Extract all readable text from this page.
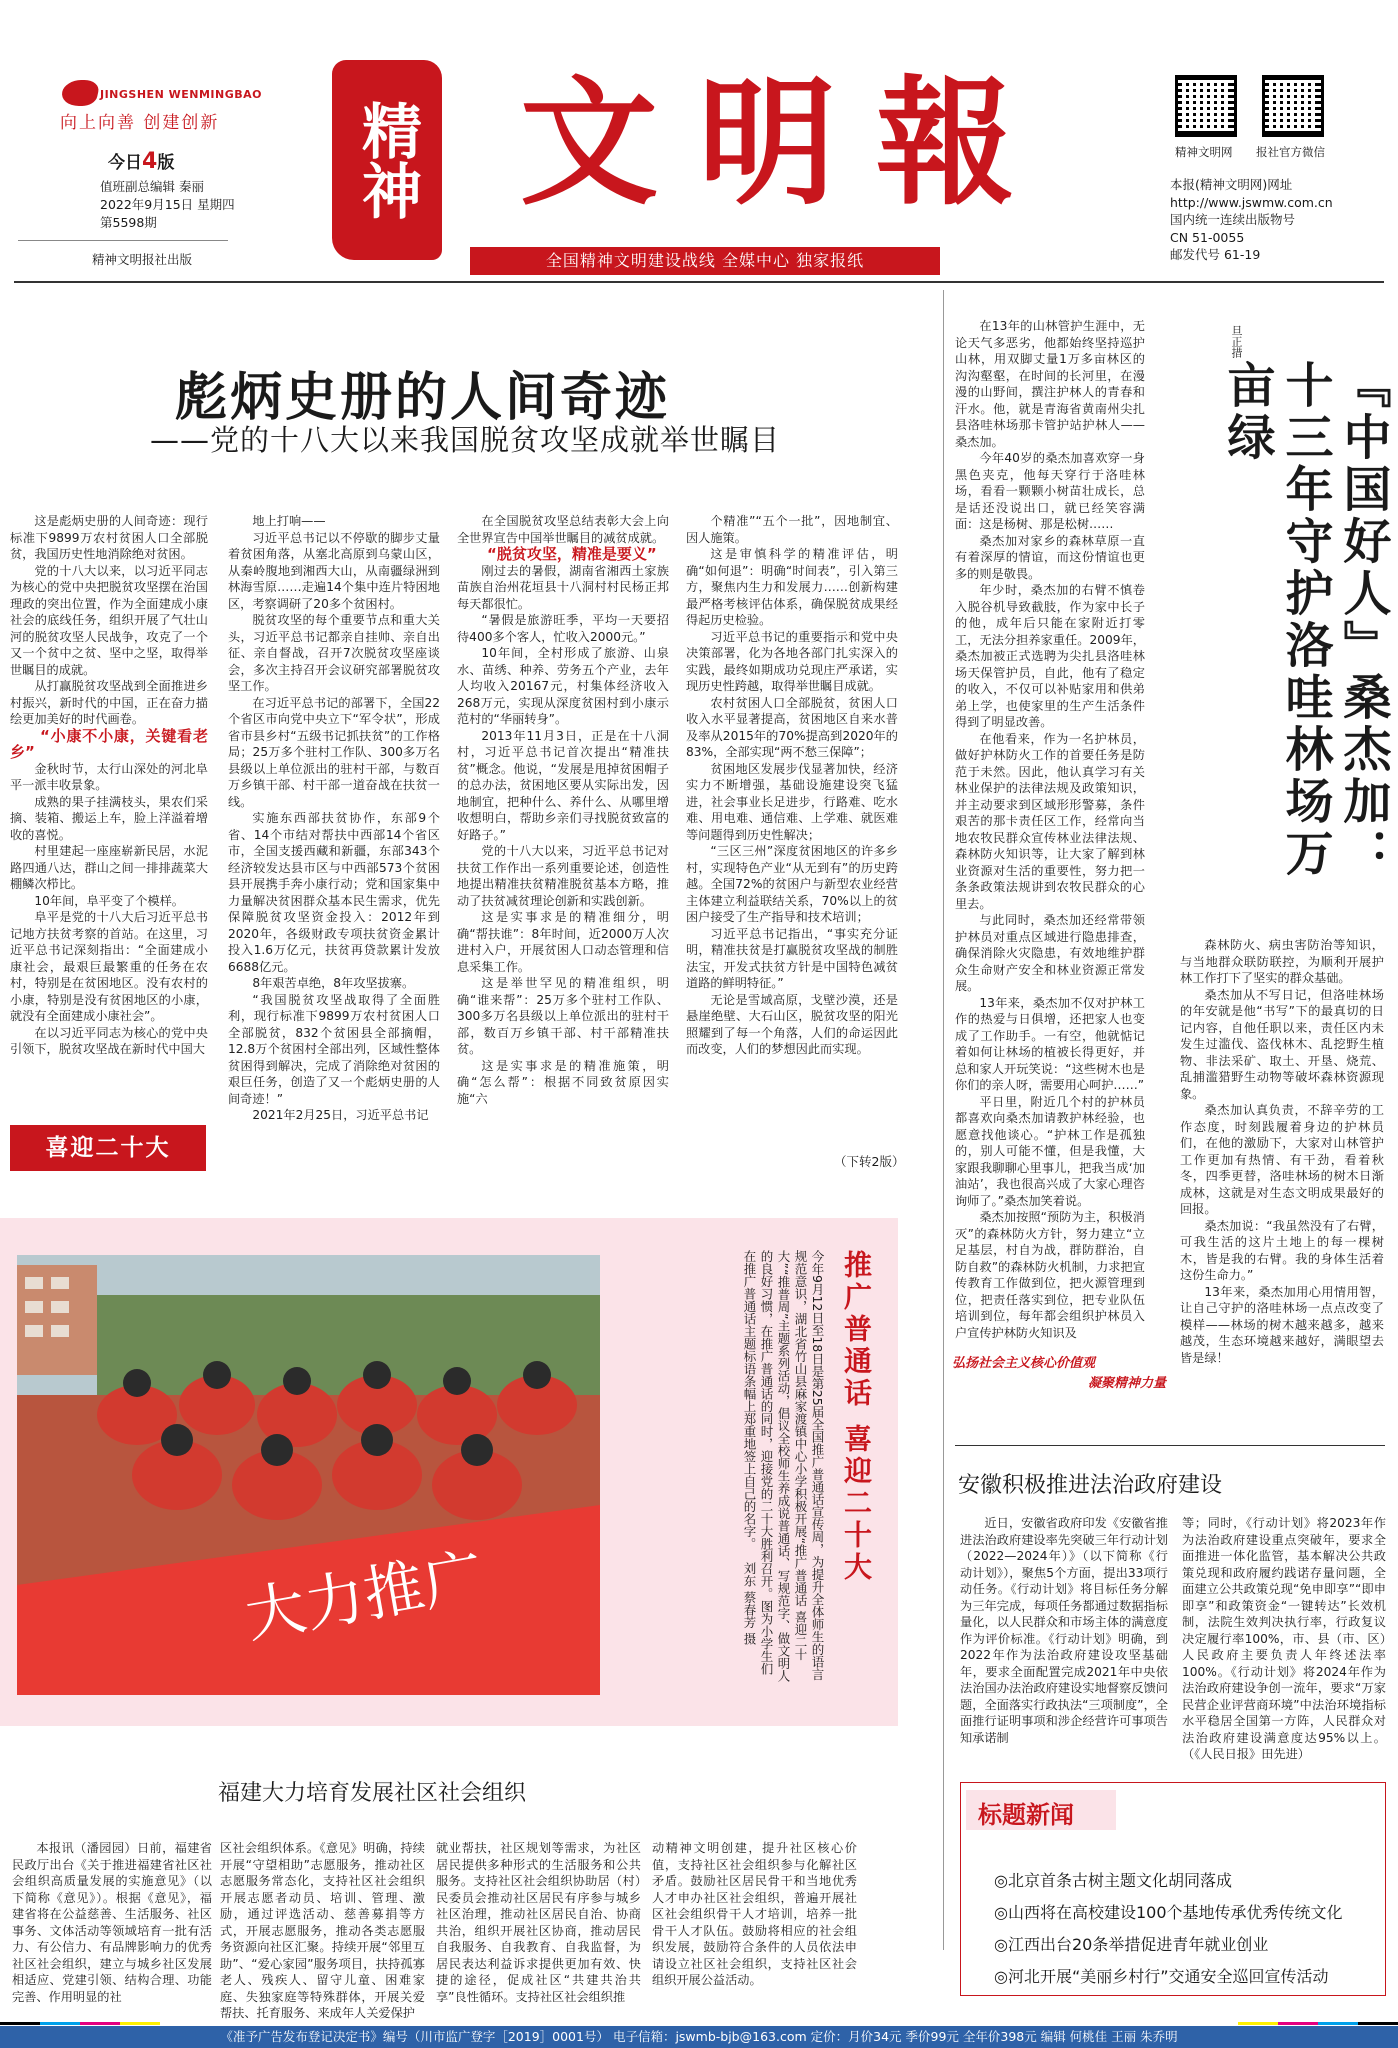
JINGSHEN WENMINGBAO
向上向善 创建创新
今日4版
值班副总编辑 秦丽
2022年9月15日 星期四
第5598期
精神文明报社出版
精神 文明報
全国精神文明建设战线 全媒中心 独家报纸
精神文明网 报社官方微信
本报(精神文明网)网址
http://www.jswmw.com.cn
国内统一连续出版物号
CN 51-0055
邮发代号 61-19
彪炳史册的人间奇迹
——党的十八大以来我国脱贫攻坚成就举世瞩目

这是彪炳史册的人间奇迹：现行标准下9899万农村贫困人口全部脱贫，我国历史性地消除绝对贫困。

党的十八大以来，以习近平同志为核心的党中央把脱贫攻坚摆在治国理政的突出位置，作为全面建成小康社会的底线任务，组织开展了气壮山河的脱贫攻坚人民战争，攻克了一个又一个贫中之贫、坚中之坚，取得举世瞩目的成就。

从打赢脱贫攻坚战到全面推进乡村振兴，新时代的中国，正在奋力描绘更加美好的时代画卷。

“小康不小康，关键看老乡”

金秋时节，太行山深处的河北阜平一派丰收景象。

成熟的果子挂满枝头，果农们采摘、装箱、搬运上车，脸上洋溢着增收的喜悦。

村里建起一座座崭新民居，水泥路四通八达，群山之间一排排蔬菜大棚鳞次栉比。

10年间，阜平变了个模样。

阜平是党的十八大后习近平总书记地方扶贫考察的首站。在这里，习近平总书记深刻指出：“全面建成小康社会，最艰巨最繁重的任务在农村，特别是在贫困地区。没有农村的小康，特别是没有贫困地区的小康，就没有全面建成小康社会”。

在以习近平同志为核心的党中央引领下，脱贫攻坚战在新时代中国大

喜迎二十大

地上打响——

习近平总书记以不停歇的脚步丈量着贫困角落，从塞北高原到乌蒙山区，从秦岭腹地到湘西大山，从南疆绿洲到林海雪原……走遍14个集中连片特困地区，考察调研了20多个贫困村。

脱贫攻坚的每个重要节点和重大关头，习近平总书记都亲自挂帅、亲自出征、亲自督战，召开7次脱贫攻坚座谈会，多次主持召开会议研究部署脱贫攻坚工作。

在习近平总书记的部署下，全国22个省区市向党中央立下“军令状”，形成省市县乡村“五级书记抓扶贫”的工作格局；25万多个驻村工作队、300多万名县级以上单位派出的驻村干部，与数百万乡镇干部、村干部一道奋战在扶贫一线。

实施东西部扶贫协作，东部9个省、14个市结对帮扶中西部14个省区市，全国支援西藏和新疆，东部343个经济较发达县市区与中西部573个贫困县开展携手奔小康行动；党和国家集中力量解决贫困群众基本民生需求，优先保障脱贫攻坚资金投入：2012年到2020年，各级财政专项扶贫资金累计投入1.6万亿元，扶贫再贷款累计发放6688亿元。

8年艰苦卓绝，8年攻坚拔寨。

“我国脱贫攻坚战取得了全面胜利，现行标准下9899万农村贫困人口全部脱贫，832个贫困县全部摘帽，12.8万个贫困村全部出列，区域性整体贫困得到解决，完成了消除绝对贫困的艰巨任务，创造了又一个彪炳史册的人间奇迹！”

2021年2月25日，习近平总书记

在全国脱贫攻坚总结表彰大会上向全世界宣告中国举世瞩目的减贫成就。

“脱贫攻坚，精准是要义”

刚过去的暑假，湖南省湘西土家族苗族自治州花垣县十八洞村村民杨正邦每天都很忙。

“暑假是旅游旺季，平均一天要招待400多个客人，忙收入2000元。”

10年间，全村形成了旅游、山泉水、苗绣、种养、劳务五个产业，去年人均收入20167元，村集体经济收入268万元，实现从深度贫困村到小康示范村的“华丽转身”。

2013年11月3日，正是在十八洞村，习近平总书记首次提出“精准扶贫”概念。他说，“发展是甩掉贫困帽子的总办法，贫困地区要从实际出发，因地制宜，把种什么、养什么、从哪里增收想明白，帮助乡亲们寻找脱贫致富的好路子。”

党的十八大以来，习近平总书记对扶贫工作作出一系列重要论述，创造性地提出精准扶贫精准脱贫基本方略，推动了扶贫减贫理论创新和实践创新。

这是实事求是的精准细分，明确“帮扶谁”：8年时间，近2000万人次进村入户，开展贫困人口动态管理和信息采集工作。

这是举世罕见的精准组织，明确“谁来帮”：25万多个驻村工作队、300多万名县级以上单位派出的驻村干部，数百万乡镇干部、村干部精准扶贫。

这是实事求是的精准施策，明确“怎么帮”：根据不同致贫原因实施“六

个精准”“五个一批”，因地制宜、因人施策。

这是审慎科学的精准评估，明确“如何退”：明确“时间表”，引入第三方，聚焦内生力和发展力……创新构建最严格考核评估体系，确保脱贫成果经得起历史检验。

习近平总书记的重要指示和党中央决策部署，化为各地各部门扎实深入的实践，最终如期成功兑现庄严承诺，实现历史性跨越，取得举世瞩目成就。

农村贫困人口全部脱贫，贫困人口收入水平显著提高，贫困地区自来水普及率从2015年的70%提高到2020年的83%，全部实现“两不愁三保障”；

贫困地区发展步伐显著加快，经济实力不断增强，基础设施建设突飞猛进，社会事业长足进步，行路难、吃水难、用电难、通信难、上学难、就医难等问题得到历史性解决；

“三区三州”深度贫困地区的许多乡村，实现特色产业“从无到有”的历史跨越。全国72%的贫困户与新型农业经营主体建立利益联结关系，70%以上的贫困户接受了生产指导和技术培训；

习近平总书记指出，“事实充分证明，精准扶贫是打赢脱贫攻坚战的制胜法宝，开发式扶贫方针是中国特色减贫道路的鲜明特征。”

无论是雪域高原，戈壁沙漠，还是悬崖绝壁、大石山区，脱贫攻坚的阳光照耀到了每一个角落，人们的命运因此而改变，人们的梦想因此而实现。

（下转2版）

在13年的山林管护生涯中，无论天气多恶劣，他都始终坚持巡护山林，用双脚丈量1万多亩林区的沟沟壑壑，在时间的长河里，在漫漫的山野间，撰注护林人的青春和汗水。他，就是青海省黄南州尖扎县洛哇林场那卡管护站护林人——桑杰加。

今年40岁的桑杰加喜欢穿一身黑色夹克，他每天穿行于洛哇林场，看看一颗颗小树苗壮成长，总是话还没说出口，就已经笑容满面：这是杨树、那是松树……

桑杰加对家乡的森林草原一直有着深厚的情谊，而这份情谊也更多的则是敬畏。

年少时，桑杰加的右臂不慎卷入脱谷机导致截肢，作为家中长子的他，成年后只能在家附近打零工，无法分担养家重任。2009年，桑杰加被正式选聘为尖扎县洛哇林场天保管护员，自此，他有了稳定的收入，不仅可以补贴家用和供弟弟上学，也使家里的生产生活条件得到了明显改善。

在他看来，作为一名护林员，做好护林防火工作的首要任务是防范于未然。因此，他认真学习有关林业保护的法律法规及政策知识，并主动要求到区域形形警募，条件艰苦的那卡责任区工作，经常向当地农牧民群众宣传林业法律法规、森林防火知识等，让大家了解到林业资源对生活的重要性，努力把一条条政策法规讲到农牧民群众的心里去。

与此同时，桑杰加还经常带领护林员对重点区域进行隐患排查，确保消除火灾隐患，有效地维护群众生命财产安全和林业资源正常发展。

13年来，桑杰加不仅对护林工作的热爱与日俱增，还把家人也变成了工作助手。一有空，他就惦记着如何让林场的植被长得更好，并总和家人开玩笑说：“这些树木也是你们的亲人呀，需要用心呵护……”

平日里，附近几个村的护林员都喜欢向桑杰加请教护林经验，也愿意找他谈心。“护林工作是孤独的，别人可能不懂，但是我懂，大家跟我聊聊心里事儿，把我当成‘加油站’，我也很高兴成了大家心理咨询师了。”桑杰加笑着说。

桑杰加按照“预防为主，积极消灭”的森林防火方针，努力建立“立足基层，村自为战，群防群治，自防自救”的森林防火机制，力求把宣传教育工作做到位，把火源管理到位，把责任落实到位，把专业队伍培训到位，每年都会组织护林员入户宣传护林防火知识及

旦正措
『中国好人』桑杰加：十三年守护洛哇林场万亩绿

森林防火、病虫害防治等知识，与当地群众联防联控，为顺利开展护林工作打下了坚实的群众基础。

桑杰加从不写日记，但洛哇林场的年安就是他“书写”下的最真切的日记内容，自他任职以来，责任区内未发生过滥伐、盗伐林木、乱挖野生植物、非法采矿、取土、开垦、烧荒、乱捕滥猎野生动物等破坏森林资源现象。

桑杰加认真负责，不辞辛劳的工作态度，时刻践履着身边的护林员们，在他的激励下，大家对山林管护工作更加有热情、有干劲，看着秋冬，四季更替，洛哇林场的树木日渐成林，这就是对生态文明成果最好的回报。

桑杰加说：“我虽然没有了右臂，可我生活的这片土地上的每一棵树木，皆是我的右臂。我的身体生活着这份生命力。”

13年来，桑杰加用心用情用智，让自己守护的洛哇林场一点点改变了模样——林场的树木越来越多，越来越茂，生态环境越来越好，满眼望去皆是绿！

弘扬社会主义核心价值观
凝聚精神力量
大力推广
推广普通话 喜迎二十大
今年9月12日至18日是第25届全国推广普通话宣传周，为提升全体师生的语言规范意识，湖北省竹山县麻家渡镇中心小学积极开展“推广普通话 喜迎二十大”“推普周”主题系列活动，倡议全校师生养成说普通话、写规范字、做文明人的良好习惯，在推广普通话的同时，迎接党的二十大胜利召开。图为小学生们在推广普通话主题标语条幅上郑重地签上自己的名字。 刘东 蔡春芳 摄
安徽积极推进法治政府建设

近日，安徽省政府印发《安徽省推进法治政府建设率先突破三年行动计划（2022—2024年）》（以下简称《行动计划》），聚焦5个方面，提出33项行动任务。《行动计划》将目标任务分解为三年完成，每项任务都通过数据指标量化，以人民群众和市场主体的满意度作为评价标准。《行动计划》明确，到2022年作为法治政府建设攻坚基础年，要求全面配置完成2021年中央依法治国办法治政府建设实地督察反馈问题，全面落实行政执法“三项制度”，全面推行证明事项和涉企经营许可事项告知承诺制

等；同时，《行动计划》将2023年作为法治政府建设重点突破年，要求全面推进一体化监管，基本解决公共政策兑现和政府履约践诺存量问题，全面建立公共政策兑现“免申即享”“即申即享”和政策资金“一键转达”长效机制，法院生效判决执行率，行政复议决定履行率100%，市、县（市、区）人民政府主要负责人年终述法率100%。《行动计划》将2024年作为法治政府建设争创一流年，要求“万家民营企业评营商环境”中法治环境指标水平稳居全国第一方阵，人民群众对法治政府建设满意度达95%以上。（《人民日报》田先进）

福建大力培育发展社区社会组织

本报讯（潘园园）日前，福建省民政厅出台《关于推进福建省社区社会组织高质量发展的实施意见》（以下简称《意见》）。根据《意见》，福建省将在公益慈善、生活服务、社区事务、文体活动等领域培育一批有活力、有公信力、有品牌影响力的优秀社区社会组织，建立与城乡社区发展相适应、党建引领、结构合理、功能完善、作用明显的社

区社会组织体系。《意见》明确，持续开展“守望相助”志愿服务，推动社区志愿服务常态化，支持社区社会组织开展志愿者动员、培训、管理、激励，通过评选活动、慈善募捐等方式，开展志愿服务，推动各类志愿服务资源向社区汇聚。持续开展“邻里互助”、“爱心家园”服务项目，扶持孤寡老人、残疾人、留守儿童、困难家庭、失独家庭等特殊群体，开展关爱帮扶、托育服务、来成年人关爱保护

就业帮扶，社区规划等需求，为社区居民提供多种形式的生活服务和公共服务。支持社区社会组织协助居（村）民委员会推动社区居民有序参与城乡社区治理，推动社区居民自治、协商共治，组织开展社区协商，推动居民自我服务、自我教育、自我监督，为居民表达利益诉求提供更加有效、快捷的途径，促成社区“共建共治共享”良性循环。支持社区社会组织推

动精神文明创建，提升社区核心价值，支持社区社会组织参与化解社区矛盾。鼓励社区居民骨干和当地优秀人才申办社区社会组织，普遍开展社区社会组织骨干人才培训，培养一批骨干人才队伍。鼓励将相应的社会组织发展，鼓励符合条件的人员依法申请设立社区社会组织，支持社区社会组织开展公益活动。

标题新闻
◎北京首条古树主题文化胡同落成
◎山西将在高校建设100个基地传承优秀传统文化
◎江西出台20条举措促进青年就业创业
◎河北开展“美丽乡村行”交通安全巡回宣传活动
《准予广告发布登记决定书》编号（川市监广登字［2019］0001号） 电子信箱：jswmb-bjb@163.com 定价：月价34元 季价99元 全年价398元 编辑 何桃佳 王丽 朱乔明
